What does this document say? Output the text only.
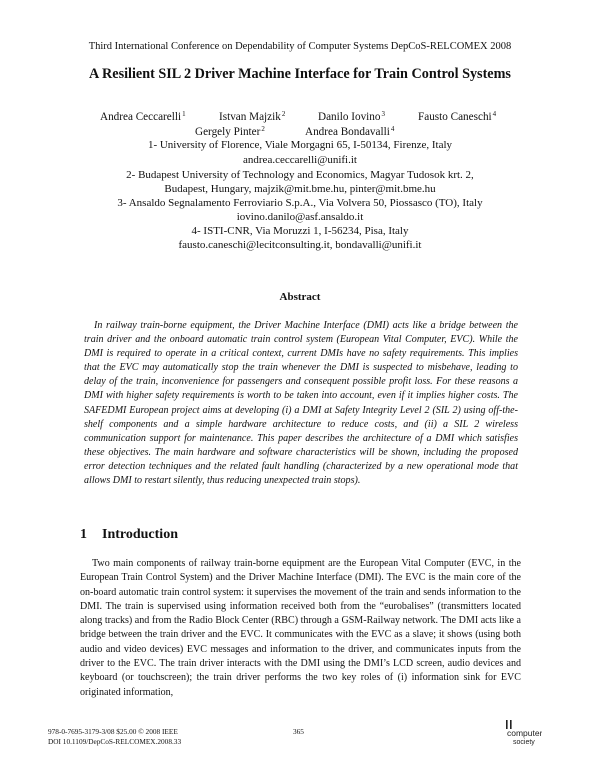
Third International Conference on Dependability of Computer Systems DepCoS-RELCOMEX 2008
A Resilient SIL 2 Driver Machine Interface for Train Control Systems
Andrea Ceccarelli$^1$	Istvan Majzik$^2$	Danilo Iovino$^3$	Fausto Caneschi$^4$
Gergely Pinter$^2$	Andrea Bondavalli$^4$
1- University of Florence, Viale Morgagni 65, I-50134, Firenze, Italy
andrea.ceccarelli@unifi.it
2- Budapest University of Technology and Economics, Magyar Tudosok krt. 2,
Budapest, Hungary, majzik@mit.bme.hu, pinter@mit.bme.hu
3- Ansaldo Segnalamento Ferroviario S.p.A., Via Volvera 50, Piossasco (TO), Italy
iovino.danilo@asf.ansaldo.it
4- ISTI-CNR, Via Moruzzi 1, I-56234, Pisa, Italy
fausto.caneschi@lecitconsulting.it, bondavalli@unifi.it
Abstract

In railway train-borne equipment, the Driver Machine Interface (DMI) acts like a bridge between the train driver and the onboard automatic train control system (European Vital Computer, EVC). While the DMI is required to operate in a critical context, current DMIs have no safety requirements. This implies that the EVC may automatically stop the train whenever the DMI is suspected to misbehave, leading to delay of the train, inconvenience for passengers and consequent possible profit loss. For these reasons a DMI with higher safety requirements is worth to be taken into account, even if it implies higher costs. The SAFEDMI European project aims at developing (i) a DMI at Safety Integrity Level 2 (SIL 2) using off-the-shelf components and a simple hardware architecture to reduce costs, and (ii) a SIL 2 wireless communication support for maintenance. This paper describes the architecture of a DMI which satisfies these objectives. The main hardware and software characteristics will be shown, including the proposed error detection techniques and the related fault handling (characterized by a new operational mode that allows DMI to restart silently, thus reducing unexpected train stops).

1 Introduction

Two main components of railway train-borne equipment are the European Vital Computer (EVC, in the European Train Control System) and the Driver Machine Interface (DMI). The EVC is the main core of the on-board automatic train control system: it supervises the movement of the train and sends information to the DMI. The train is supervised using information received both from the “eurobalises” (transmitters located along tracks) and from the Radio Block Center (RBC) through a GSM-Railway network. The DMI acts like a bridge between the train driver and the EVC. It communicates with the EVC as a slave; it shows (using both audio and video devices) EVC messages and information to the driver, and communicates inputs from the driver to the EVC. The train driver interacts with the DMI using the DMI’s LCD screen, audio devices and keyboard (or touchscreen); the train driver performs the two key roles of (i) information sink for EVC originated information,

978-0-7695-3179-3/08 $25.00 © 2008 IEEE
DOI 10.1109/DepCoS-RELCOMEX.2008.33
365	computer
society
